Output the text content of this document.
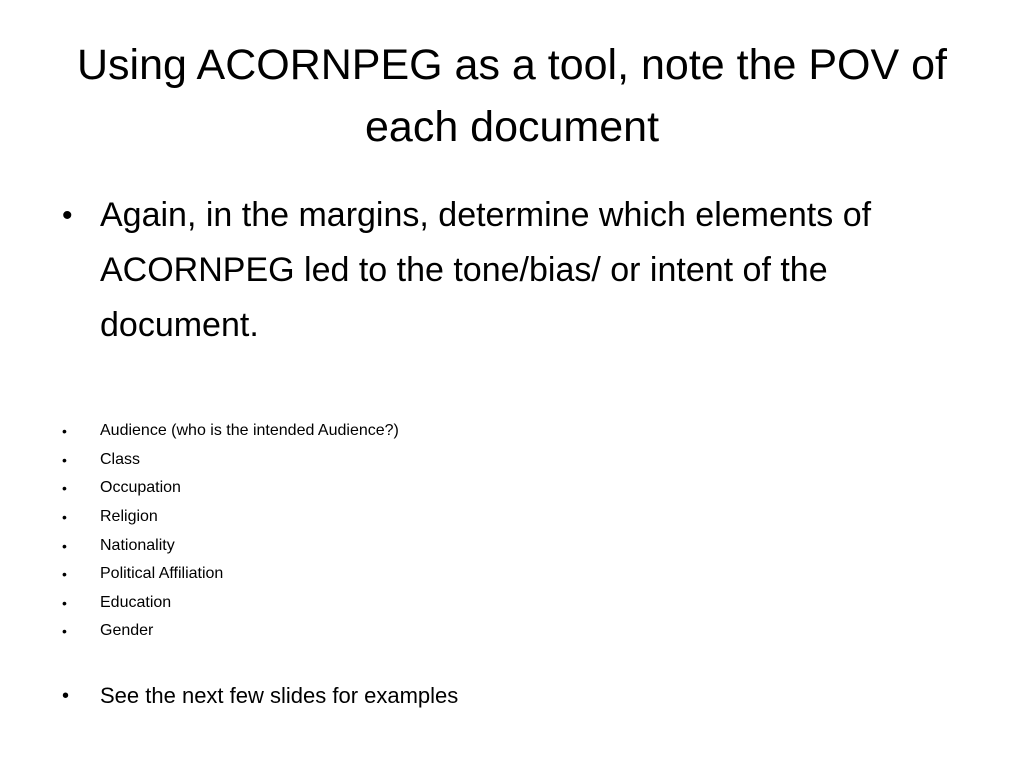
Using ACORNPEG as a tool, note the POV of each document
• Again, in the margins, determine which elements of ACORNPEG led to the tone/bias/ or intent of the document.
•	Audience (who is the intended Audience?)
•	Class
•	Occupation
•	Religion
•	Nationality
•	Political Affiliation
•	Education
•	Gender
•	See the next few slides for examples
